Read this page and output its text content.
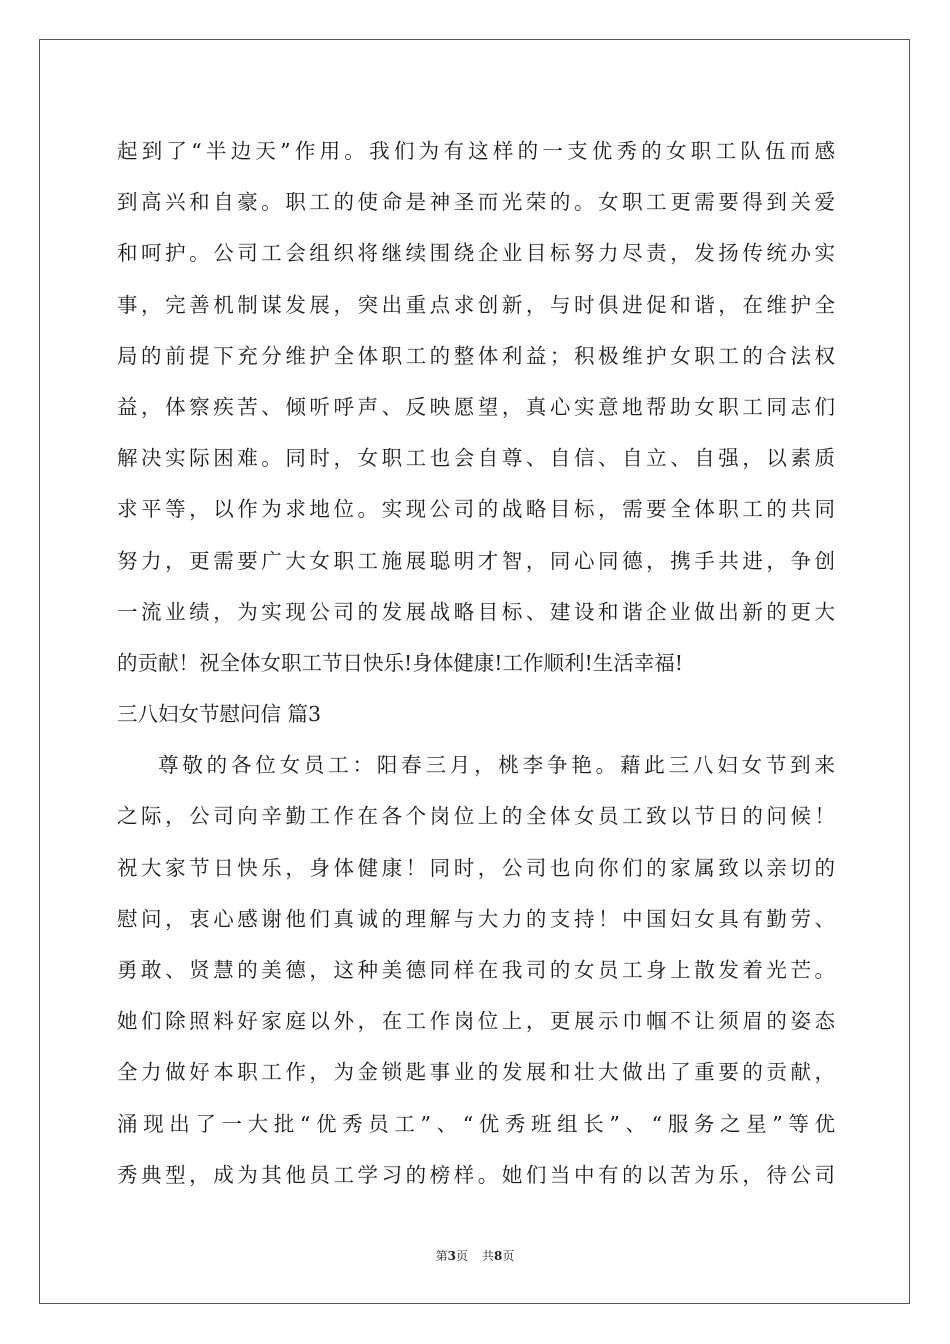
起到了“半边天”作用。我们为有这样的一支优秀的女职工队伍而感
到高兴和自豪。职工的使命是神圣而光荣的。女职工更需要得到关爱
和呵护。公司工会组织将继续围绕企业目标努力尽责，发扬传统办实
事，完善机制谋发展，突出重点求创新，与时俱进促和谐，在维护全
局的前提下充分维护全体职工的整体利益；积极维护女职工的合法权
益，体察疾苦、倾听呼声、反映愿望，真心实意地帮助女职工同志们
解决实际困难。同时，女职工也会自尊、自信、自立、自强，以素质
求平等，以作为求地位。实现公司的战略目标，需要全体职工的共同
努力，更需要广大女职工施展聪明才智，同心同德，携手共进，争创
一流业绩，为实现公司的发展战略目标、建设和谐企业做出新的更大
的贡献！祝全体女职工节日快乐!身体健康!工作顺利!生活幸福!
三八妇女节慰问信 篇3
尊敬的各位女员工：阳春三月，桃李争艳。藉此三八妇女节到来
之际，公司向辛勤工作在各个岗位上的全体女员工致以节日的问候！
祝大家节日快乐，身体健康！同时，公司也向你们的家属致以亲切的
慰问，衷心感谢他们真诚的理解与大力的支持！中国妇女具有勤劳、
勇敢、贤慧的美德，这种美德同样在我司的女员工身上散发着光芒。
她们除照料好家庭以外，在工作岗位上，更展示巾帼不让须眉的姿态
全力做好本职工作，为金锁匙事业的发展和壮大做出了重要的贡献，
涌现出了一大批“优秀员工”、“优秀班组长”、“服务之星”等优
秀典型，成为其他员工学习的榜样。她们当中有的以苦为乐，待公司
第3页 共8页
